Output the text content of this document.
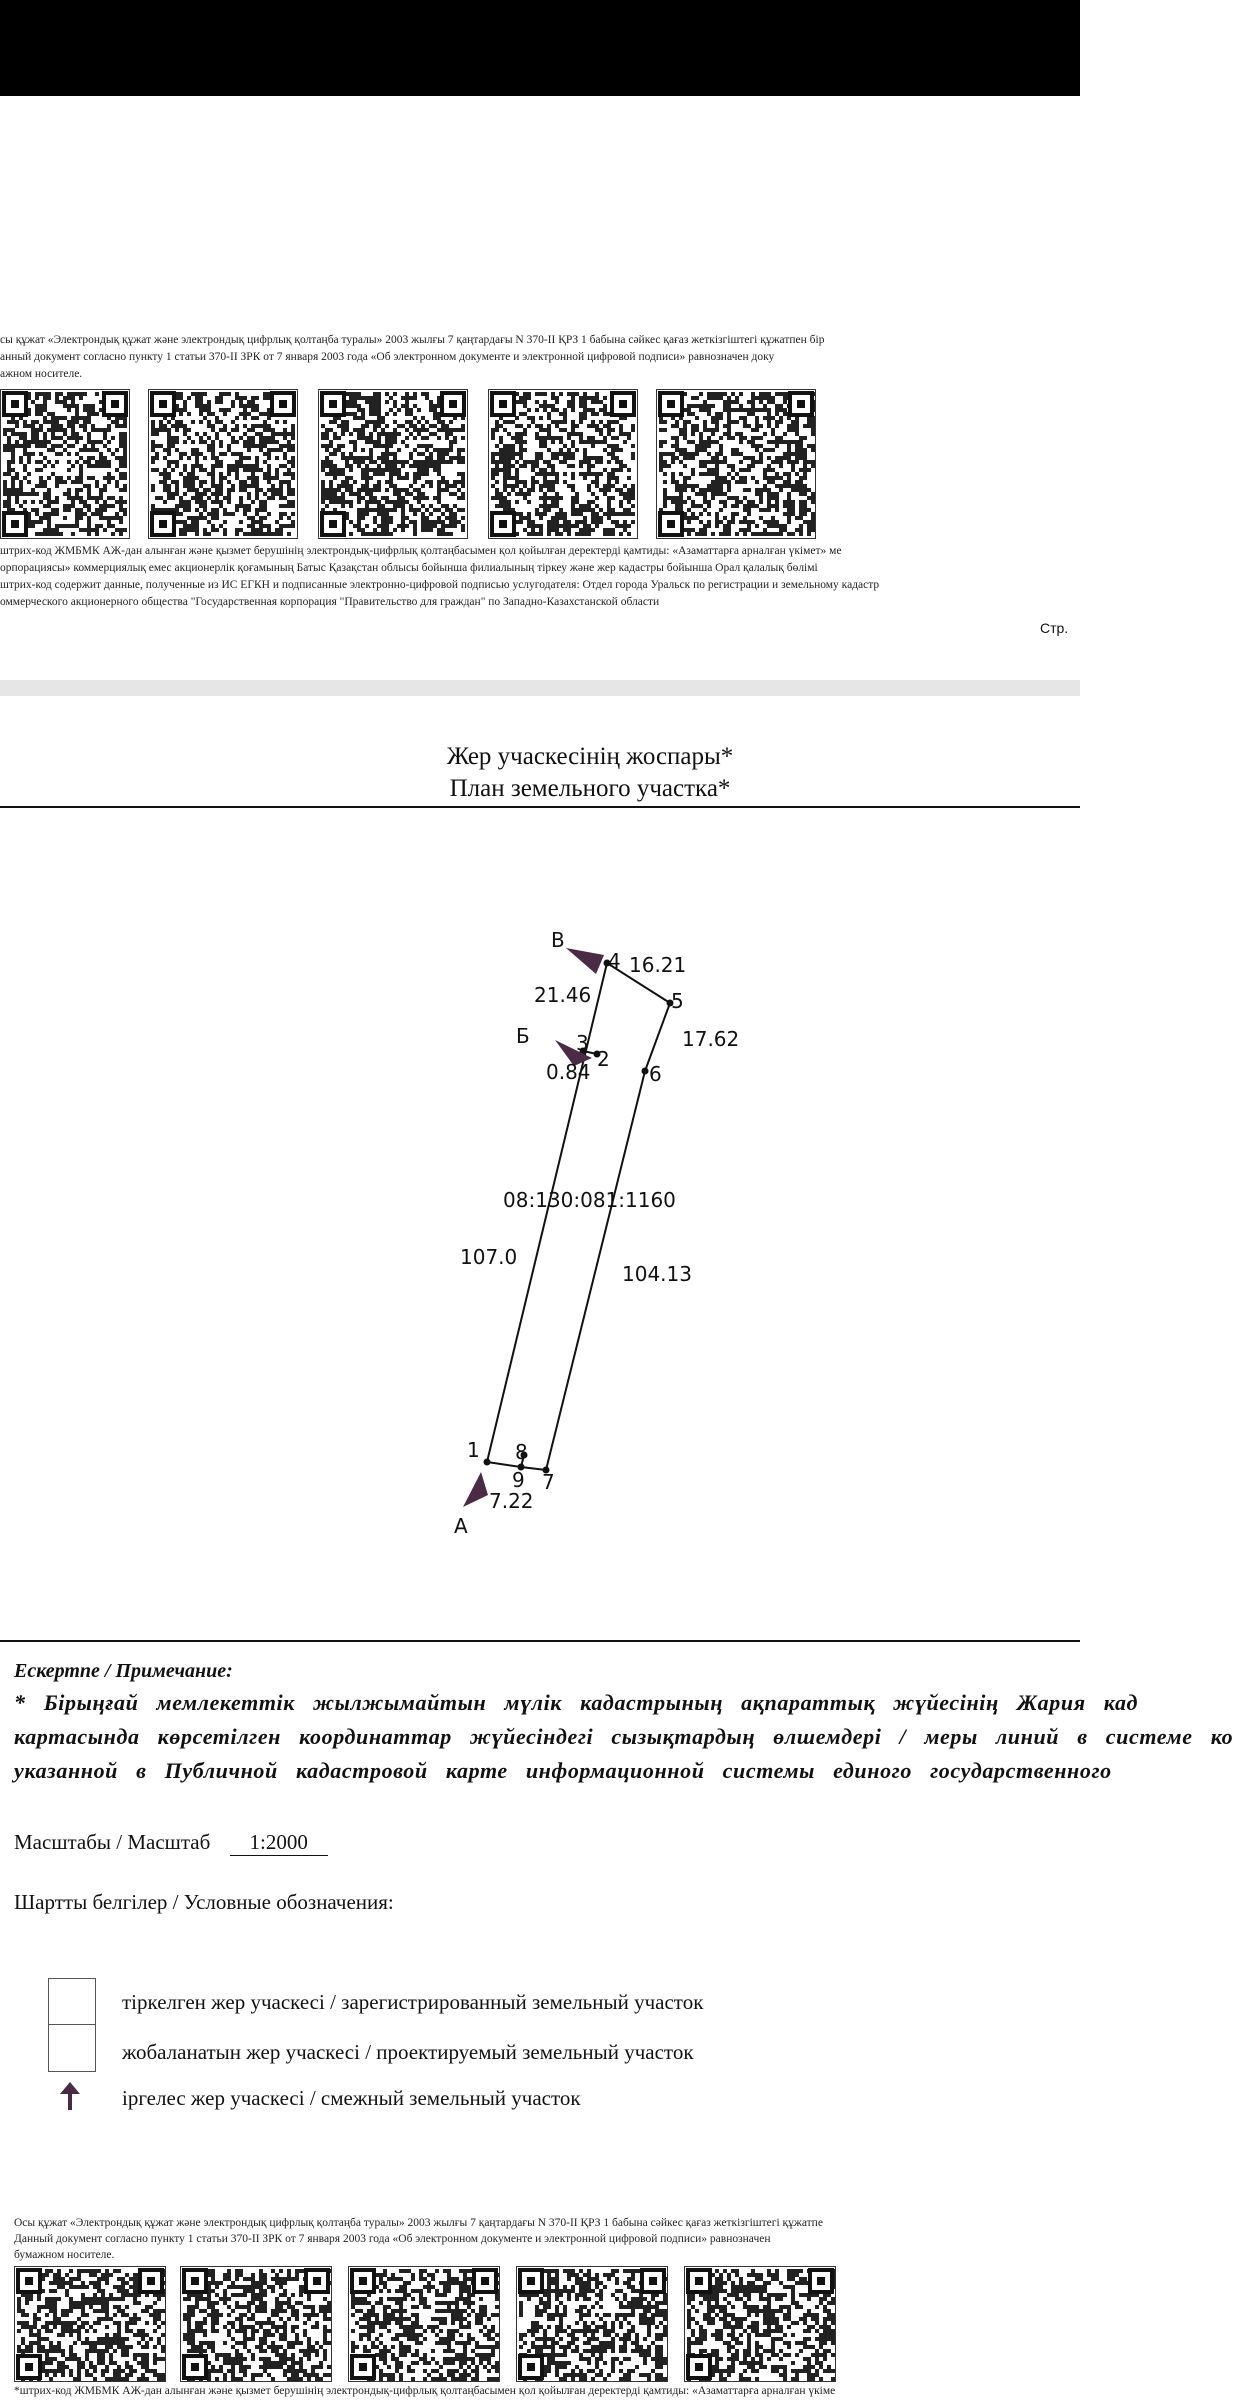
сы құжат «Электрондық құжат және электрондық цифрлық қолтаңба туралы» 2003 жылғы 7 қаңтардағы N 370-II ҚРЗ 1 бабына сәйкес қағаз жеткізгіштегі құжатпен бір
анный документ согласно пункту 1 статьи 370-II ЗРК от 7 января 2003 года «Об электронном документе и электронной цифровой подписи» равнозначен доку
ажном носителе.
штрих-код ЖМБМК АЖ-дан алынған және қызмет берушінің электрондық-цифрлық қолтаңбасымен қол қойылған деректерді қамтиды: «Азаматтарға арналған үкімет» ме
орпорациясы» коммерциялық емес акционерлік қоғамының Батыс Қазақстан облысы бойынша филиалының тіркеу және жер кадастры бойынша Орал қалалық бөлімі
штрих-код содержит данные, полученные из ИС ЕГКН и подписанные электронно-цифровой подписью услугодателя: Отдел города Уральск по регистрации и земельному кадастр
оммерческого акционерного общества "Государственная корпорация "Правительство для граждан" по Западно-Казахстанской области
Стр.
Жер учаскесінің жоспары*
План земельного участка*
1
2
3
4
5
6
7
8
9
А
Б
В
16.21
21.46
17.62
0.84
107.0
104.13
7.22
08:130:081:1160
Ескертпе / Примечание:
* Бірыңғай мемлекеттік жылжымайтын мүлік кадастрының ақпараттық жүйесінің Жария кад
картасында көрсетілген координаттар жүйесіндегі сызықтардың өлшемдері / меры линий в системе ко
указанной в Публичной кадастровой карте информационной системы единого государственного
Масштабы / Масштаб 1:2000
Шартты белгілер / Условные обозначения:
тіркелген жер учаскесі / зарегистрированный земельный участок
жобаланатын жер учаскесі / проектируемый земельный участок
іргелес жер учаскесі / смежный земельный участок
Осы құжат «Электрондық құжат және электрондық цифрлық қолтаңба туралы» 2003 жылғы 7 қаңтардағы N 370-II ҚРЗ 1 бабына сәйкес қағаз жеткізгіштегі құжатпе
Данный документ согласно пункту 1 статьи 370-II ЗРК от 7 января 2003 года «Об электронном документе и электронной цифровой подписи» равнозначен
бумажном носителе.
*штрих-код ЖМБМК АЖ-дан алынған және қызмет берушінің электрондық-цифрлық қолтаңбасымен қол қойылған деректерді қамтиды: «Азаматтарға арналған үкіме
